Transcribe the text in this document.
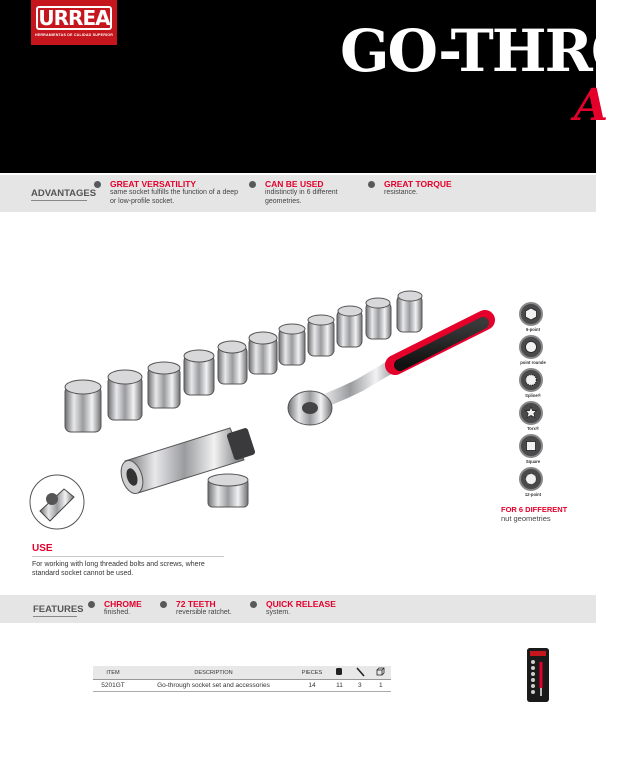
URREA
HERRAMIENTAS DE CALIDAD SUPERIOR	GO-THRO
A
ADVANTAGES
GREAT VERSATILITY
same socket fulfills the function of a deep or low-profile socket.
CAN BE USED
indistinctly in 6 different geometries.
GREAT TORQUE
resistance.
6-point
point rounde
Spline®
Torx®
Square
12-point
FOR 6 DIFFERENT
nut geometries
USE
For working with long threaded bolts and screws, where standard socket cannot be used.
FEATURES CHROME
finished.
72 TEETH
reversible ratchet.
QUICK RELEASE
system.
ITEM	DESCRIPTION	PIECES			
5201GT	Go-through socket set and accessories	14	11	3	1
